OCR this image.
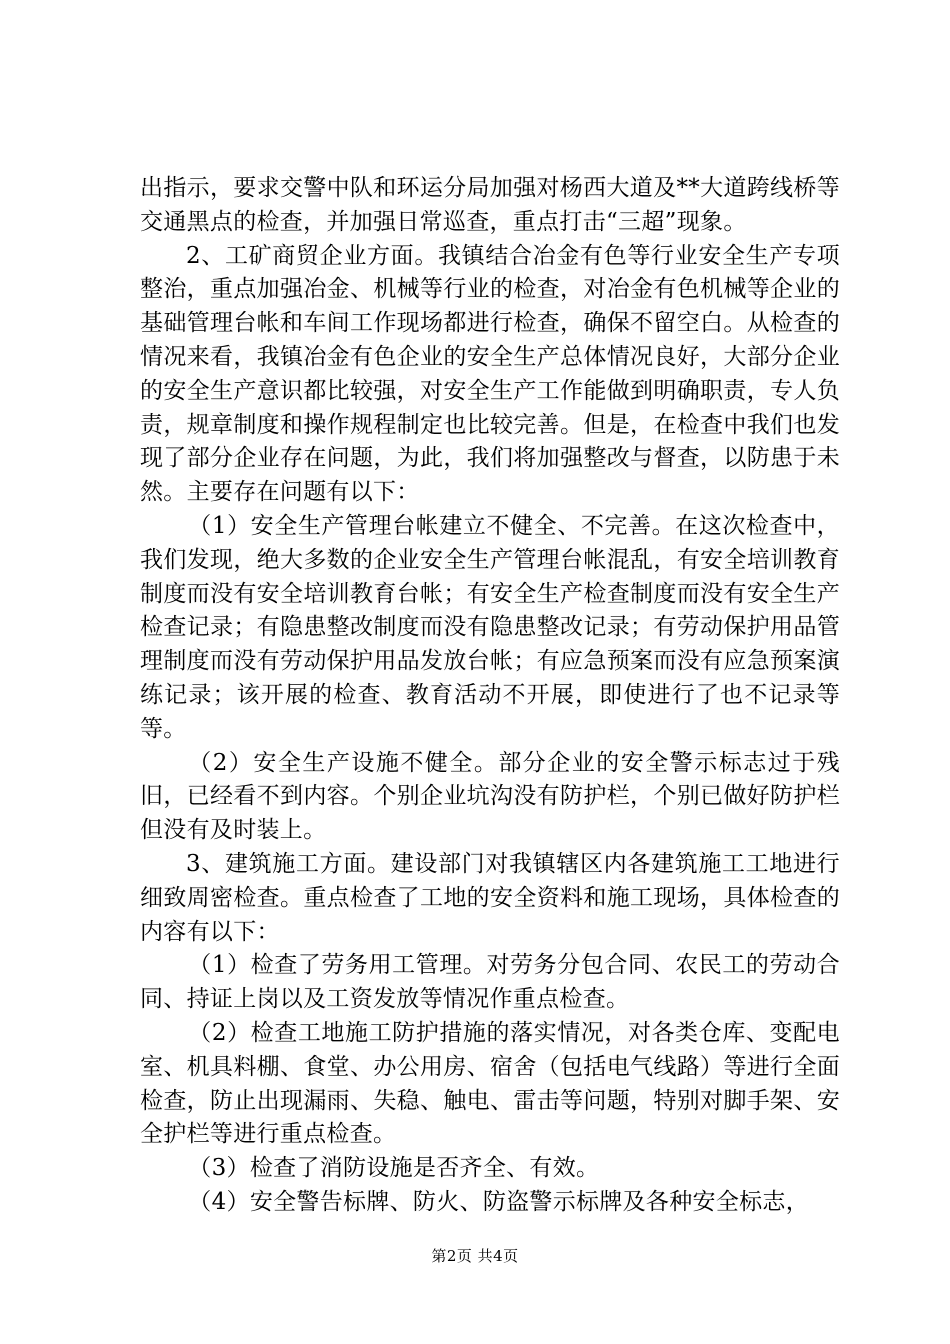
出指示，要求交警中队和环运分局加强对杨西大道及**大道跨线桥等交通黑点的检查，并加强日常巡查，重点打击“三超”现象。

2、工矿商贸企业方面。我镇结合冶金有色等行业安全生产专项整治，重点加强冶金、机械等行业的检查，对冶金有色机械等企业的基础管理台帐和车间工作现场都进行检查，确保不留空白。从检查的情况来看，我镇冶金有色企业的安全生产总体情况良好，大部分企业的安全生产意识都比较强，对安全生产工作能做到明确职责，专人负责，规章制度和操作规程制定也比较完善。但是，在检查中我们也发现了部分企业存在问题，为此，我们将加强整改与督查，以防患于未然。主要存在问题有以下：

（1）安全生产管理台帐建立不健全、不完善。在这次检查中，我们发现，绝大多数的企业安全生产管理台帐混乱，有安全培训教育制度而没有安全培训教育台帐；有安全生产检查制度而没有安全生产检查记录；有隐患整改制度而没有隐患整改记录；有劳动保护用品管理制度而没有劳动保护用品发放台帐；有应急预案而没有应急预案演练记录；该开展的检查、教育活动不开展，即使进行了也不记录等等。

（2）安全生产设施不健全。部分企业的安全警示标志过于残旧，已经看不到内容。个别企业坑沟没有防护栏，个别已做好防护栏但没有及时装上。

3、建筑施工方面。建设部门对我镇辖区内各建筑施工工地进行细致周密检查。重点检查了工地的安全资料和施工现场，具体检查的内容有以下：

（1）检查了劳务用工管理。对劳务分包合同、农民工的劳动合同、持证上岗以及工资发放等情况作重点检查。

（2）检查工地施工防护措施的落实情况，对各类仓库、变配电室、机具料棚、食堂、办公用房、宿舍（包括电气线路）等进行全面检查，防止出现漏雨、失稳、触电、雷击等问题，特别对脚手架、安全护栏等进行重点检查。

（3）检查了消防设施是否齐全、有效。

（4）安全警告标牌、防火、防盗警示标牌及各种安全标志，

第2页 共4页
